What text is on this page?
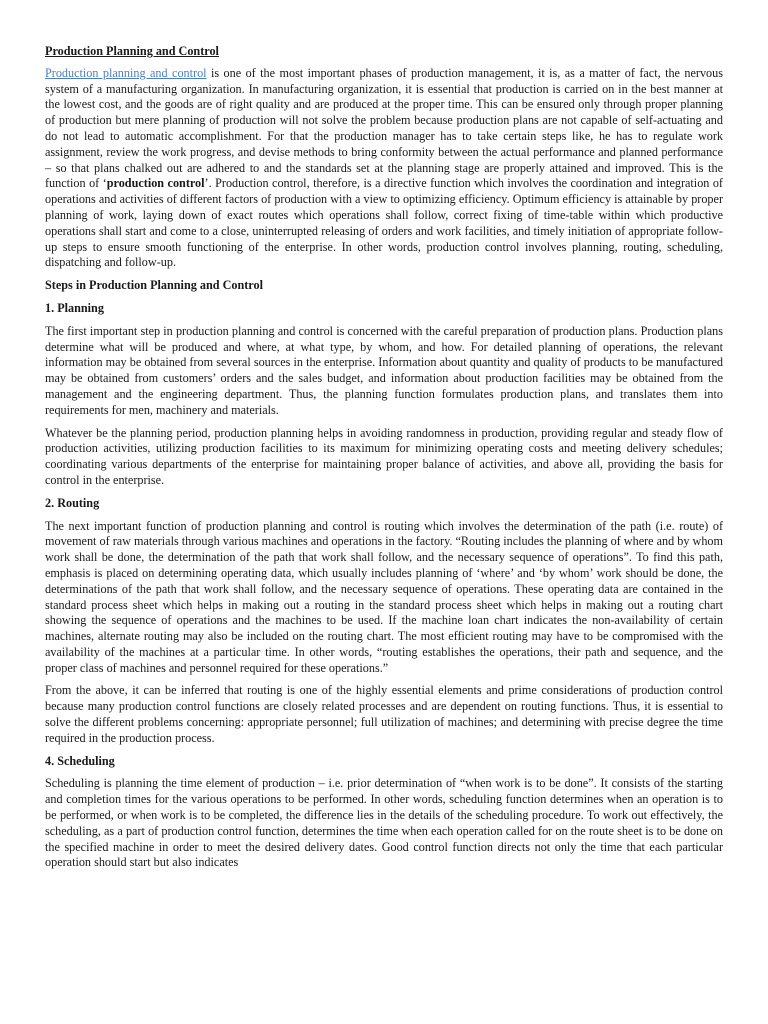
Production Planning and Control

Production planning and control is one of the most important phases of production management, it is, as a matter of fact, the nervous system of a manufacturing organization. In manufacturing organization, it is essential that production is carried on in the best manner at the lowest cost, and the goods are of right quality and are produced at the proper time. This can be ensured only through proper planning of production but mere planning of production will not solve the problem because production plans are not capable of self-actuating and do not lead to automatic accomplishment. For that the production manager has to take certain steps like, he has to regulate work assignment, review the work progress, and devise methods to bring conformity between the actual performance and planned performance – so that plans chalked out are adhered to and the standards set at the planning stage are properly attained and improved. This is the function of ‘production control’. Production control, therefore, is a directive function which involves the coordination and integration of operations and activities of different factors of production with a view to optimizing efficiency. Optimum efficiency is attainable by proper planning of work, laying down of exact routes which operations shall follow, correct fixing of time-table within which productive operations shall start and come to a close, uninterrupted releasing of orders and work facilities, and timely initiation of appropriate follow-up steps to ensure smooth functioning of the enterprise. In other words, production control involves planning, routing, scheduling, dispatching and follow-up.

Steps in Production Planning and Control
1. Planning

The first important step in production planning and control is concerned with the careful preparation of production plans. Production plans determine what will be produced and where, at what type, by whom, and how. For detailed planning of operations, the relevant information may be obtained from several sources in the enterprise. Information about quantity and quality of products to be manufactured may be obtained from customers’ orders and the sales budget, and information about production facilities may be obtained from the management and the engineering department. Thus, the planning function formulates production plans, and translates them into requirements for men, machinery and materials.

Whatever be the planning period, production planning helps in avoiding randomness in production, providing regular and steady flow of production activities, utilizing production facilities to its maximum for minimizing operating costs and meeting delivery schedules; coordinating various departments of the enterprise for maintaining proper balance of activities, and above all, providing the basis for control in the enterprise.

2. Routing

The next important function of production planning and control is routing which involves the determination of the path (i.e. route) of movement of raw materials through various machines and operations in the factory. “Routing includes the planning of where and by whom work shall be done, the determination of the path that work shall follow, and the necessary sequence of operations”. To find this path, emphasis is placed on determining operating data, which usually includes planning of ‘where’ and ‘by whom’ work should be done, the determinations of the path that work shall follow, and the necessary sequence of operations. These operating data are contained in the standard process sheet which helps in making out a routing in the standard process sheet which helps in making out a routing chart showing the sequence of operations and the machines to be used. If the machine loan chart indicates the non-availability of certain machines, alternate routing may also be included on the routing chart. The most efficient routing may have to be compromised with the availability of the machines at a particular time. In other words, “routing establishes the operations, their path and sequence, and the proper class of machines and personnel required for these operations.”

From the above, it can be inferred that routing is one of the highly essential elements and prime considerations of production control because many production control functions are closely related processes and are dependent on routing functions. Thus, it is essential to solve the different problems concerning: appropriate personnel; full utilization of machines; and determining with precise degree the time required in the production process.

4. Scheduling

Scheduling is planning the time element of production – i.e. prior determination of “when work is to be done”. It consists of the starting and completion times for the various operations to be performed. In other words, scheduling function determines when an operation is to be performed, or when work is to be completed, the difference lies in the details of the scheduling procedure. To work out effectively, the scheduling, as a part of production control function, determines the time when each operation called for on the route sheet is to be done on the specified machine in order to meet the desired delivery dates. Good control function directs not only the time that each particular operation should start but also indicates
